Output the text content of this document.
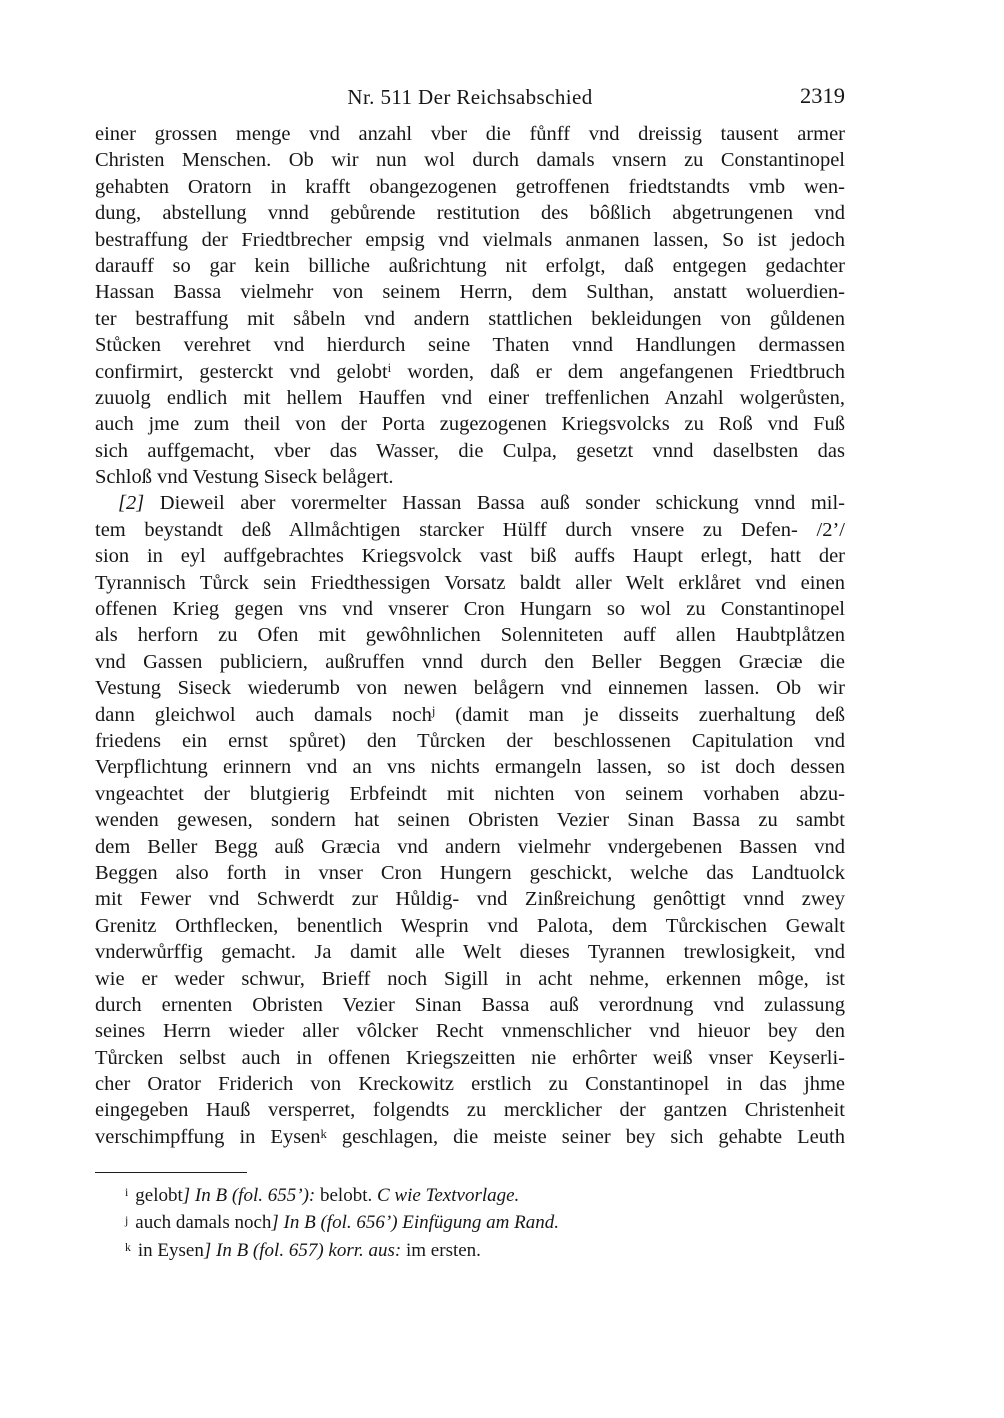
Nr. 511 Der Reichsabschied	2319
einer grossen menge vnd anzahl vber die fůnff vnd dreissig tausent armer
Christen Menschen. Ob wir nun wol durch damals vnsern zu Constantinopel
gehabten Oratorn in krafft obangezogenen getroffenen friedtstandts vmb wen-
dung, abstellung vnnd gebůrende restitution des bôßlich abgetrungenen vnd
bestraffung der Friedtbrecher empsig vnd vielmals anmanen lassen, So ist jedoch
darauff so gar kein billiche außrichtung nit erfolgt, daß entgegen gedachter
Hassan Bassa vielmehr von seinem Herrn, dem Sulthan, anstatt woluerdien-
ter bestraffung mit såbeln vnd andern stattlichen bekleidungen von gůldenen
Stůcken verehret vnd hierdurch seine Thaten vnnd Handlungen dermassen
confirmirt, gesterckt vnd gelobt$^i$ worden, daß er dem angefangenen Friedtbruch
zuuolg endlich mit hellem Hauffen vnd einer treffenlichen Anzahl wolgerůsten,
auch jme zum theil von der Porta zugezogenen Kriegsvolcks zu Roß vnd Fuß
sich auffgemacht, vber das Wasser, die Culpa, gesetzt vnnd daselbsten das
Schloß vnd Vestung Siseck belågert.
[2] Dieweil aber vorermelter Hassan Bassa auß sonder schickung vnnd mil-
tem beystandt deß Allmåchtigen starcker Hülff durch vnsere zu Defen- /2’/
sion in eyl auffgebrachtes Kriegsvolck vast biß auffs Haupt erlegt, hatt der
Tyrannisch Tůrck sein Friedthessigen Vorsatz baldt aller Welt erklåret vnd einen
offenen Krieg gegen vns vnd vnserer Cron Hungarn so wol zu Constantinopel
als herforn zu Ofen mit gewôhnlichen Solenniteten auff allen Haubtplåtzen
vnd Gassen publiciern, außruffen vnnd durch den Beller Beggen Græciæ die
Vestung Siseck wiederumb von newen belågern vnd einnemen lassen. Ob wir
dann gleichwol auch damals noch$^j$ (damit man je disseits zuerhaltung deß
friedens ein ernst spůret) den Tůrcken der beschlossenen Capitulation vnd
Verpflichtung erinnern vnd an vns nichts ermangeln lassen, so ist doch dessen
vngeachtet der blutgierig Erbfeindt mit nichten von seinem vorhaben abzu-
wenden gewesen, sondern hat seinen Obristen Vezier Sinan Bassa zu sambt
dem Beller Begg auß Græcia vnd andern vielmehr vndergebenen Bassen vnd
Beggen also forth in vnser Cron Hungern geschickt, welche das Landtuolck
mit Fewer vnd Schwerdt zur Hůldig- vnd Zinßreichung genôttigt vnnd zwey
Grenitz Orthflecken, benentlich Wesprin vnd Palota, dem Tůrckischen Gewalt
vnderwůrffig gemacht. Ja damit alle Welt dieses Tyrannen trewlosigkeit, vnd
wie er weder schwur, Brieff noch Sigill in acht nehme, erkennen môge, ist
durch ernenten Obristen Vezier Sinan Bassa auß verordnung vnd zulassung
seines Herrn wieder aller vôlcker Recht vnmenschlicher vnd hieuor bey den
Tůrcken selbst auch in offenen Kriegszeitten nie erhôrter weiß vnser Keyserli-
cher Orator Friderich von Kreckowitz erstlich zu Constantinopel in das jhme
eingegeben Hauß versperret, folgendts zu mercklicher der gantzen Christenheit
verschimpffung in Eysen$^k$ geschlagen, die meiste seiner bey sich gehabte Leuth
$^i$ gelobt] In B (fol. 655’): belobt. C wie Textvorlage.
$^j$ auch damals noch] In B (fol. 656’) Einfügung am Rand.
$^k$ in Eysen] In B (fol. 657) korr. aus: im ersten.
